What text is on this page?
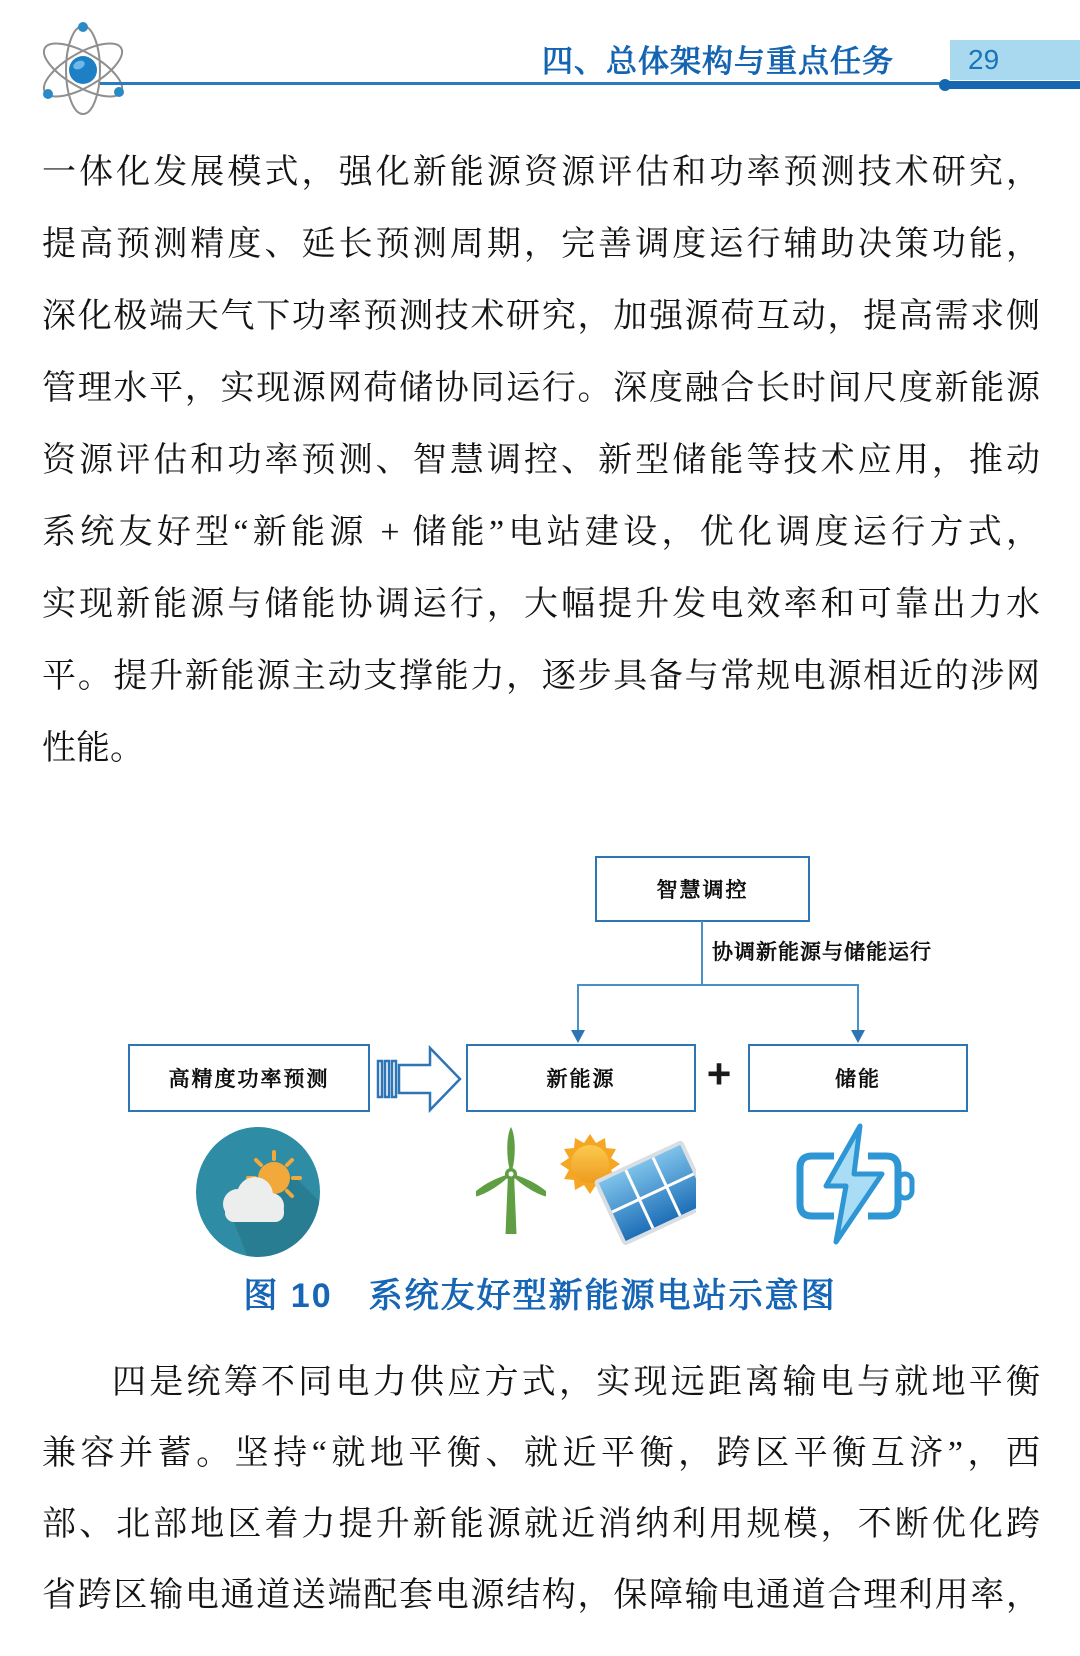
四、总体架构与重点任务	29
一体化发展模式，强化新能源资源评估和功率预测技术研究，
提高预测精度、延长预测周期，完善调度运行辅助决策功能，
深化极端天气下功率预测技术研究，加强源荷互动，提高需求侧
管理水平，实现源网荷储协同运行。深度融合长时间尺度新能源
资源评估和功率预测、智慧调控、新型储能等技术应用，推动
系统友好型“新能源 + 储能”电站建设，优化调度运行方式，
实现新能源与储能协调运行，大幅提升发电效率和可靠出力水
平。提升新能源主动支撑能力，逐步具备与常规电源相近的涉网
性能。
智慧调控
协调新能源与储能运行
高精度功率预测	新能源	+	储能
图 10　系统友好型新能源电站示意图
四是统筹不同电力供应方式，实现远距离输电与就地平衡
兼容并蓄。坚持“就地平衡、就近平衡，跨区平衡互济”，西
部、北部地区着力提升新能源就近消纳利用规模，不断优化跨
省跨区输电通道送端配套电源结构，保障输电通道合理利用率，
